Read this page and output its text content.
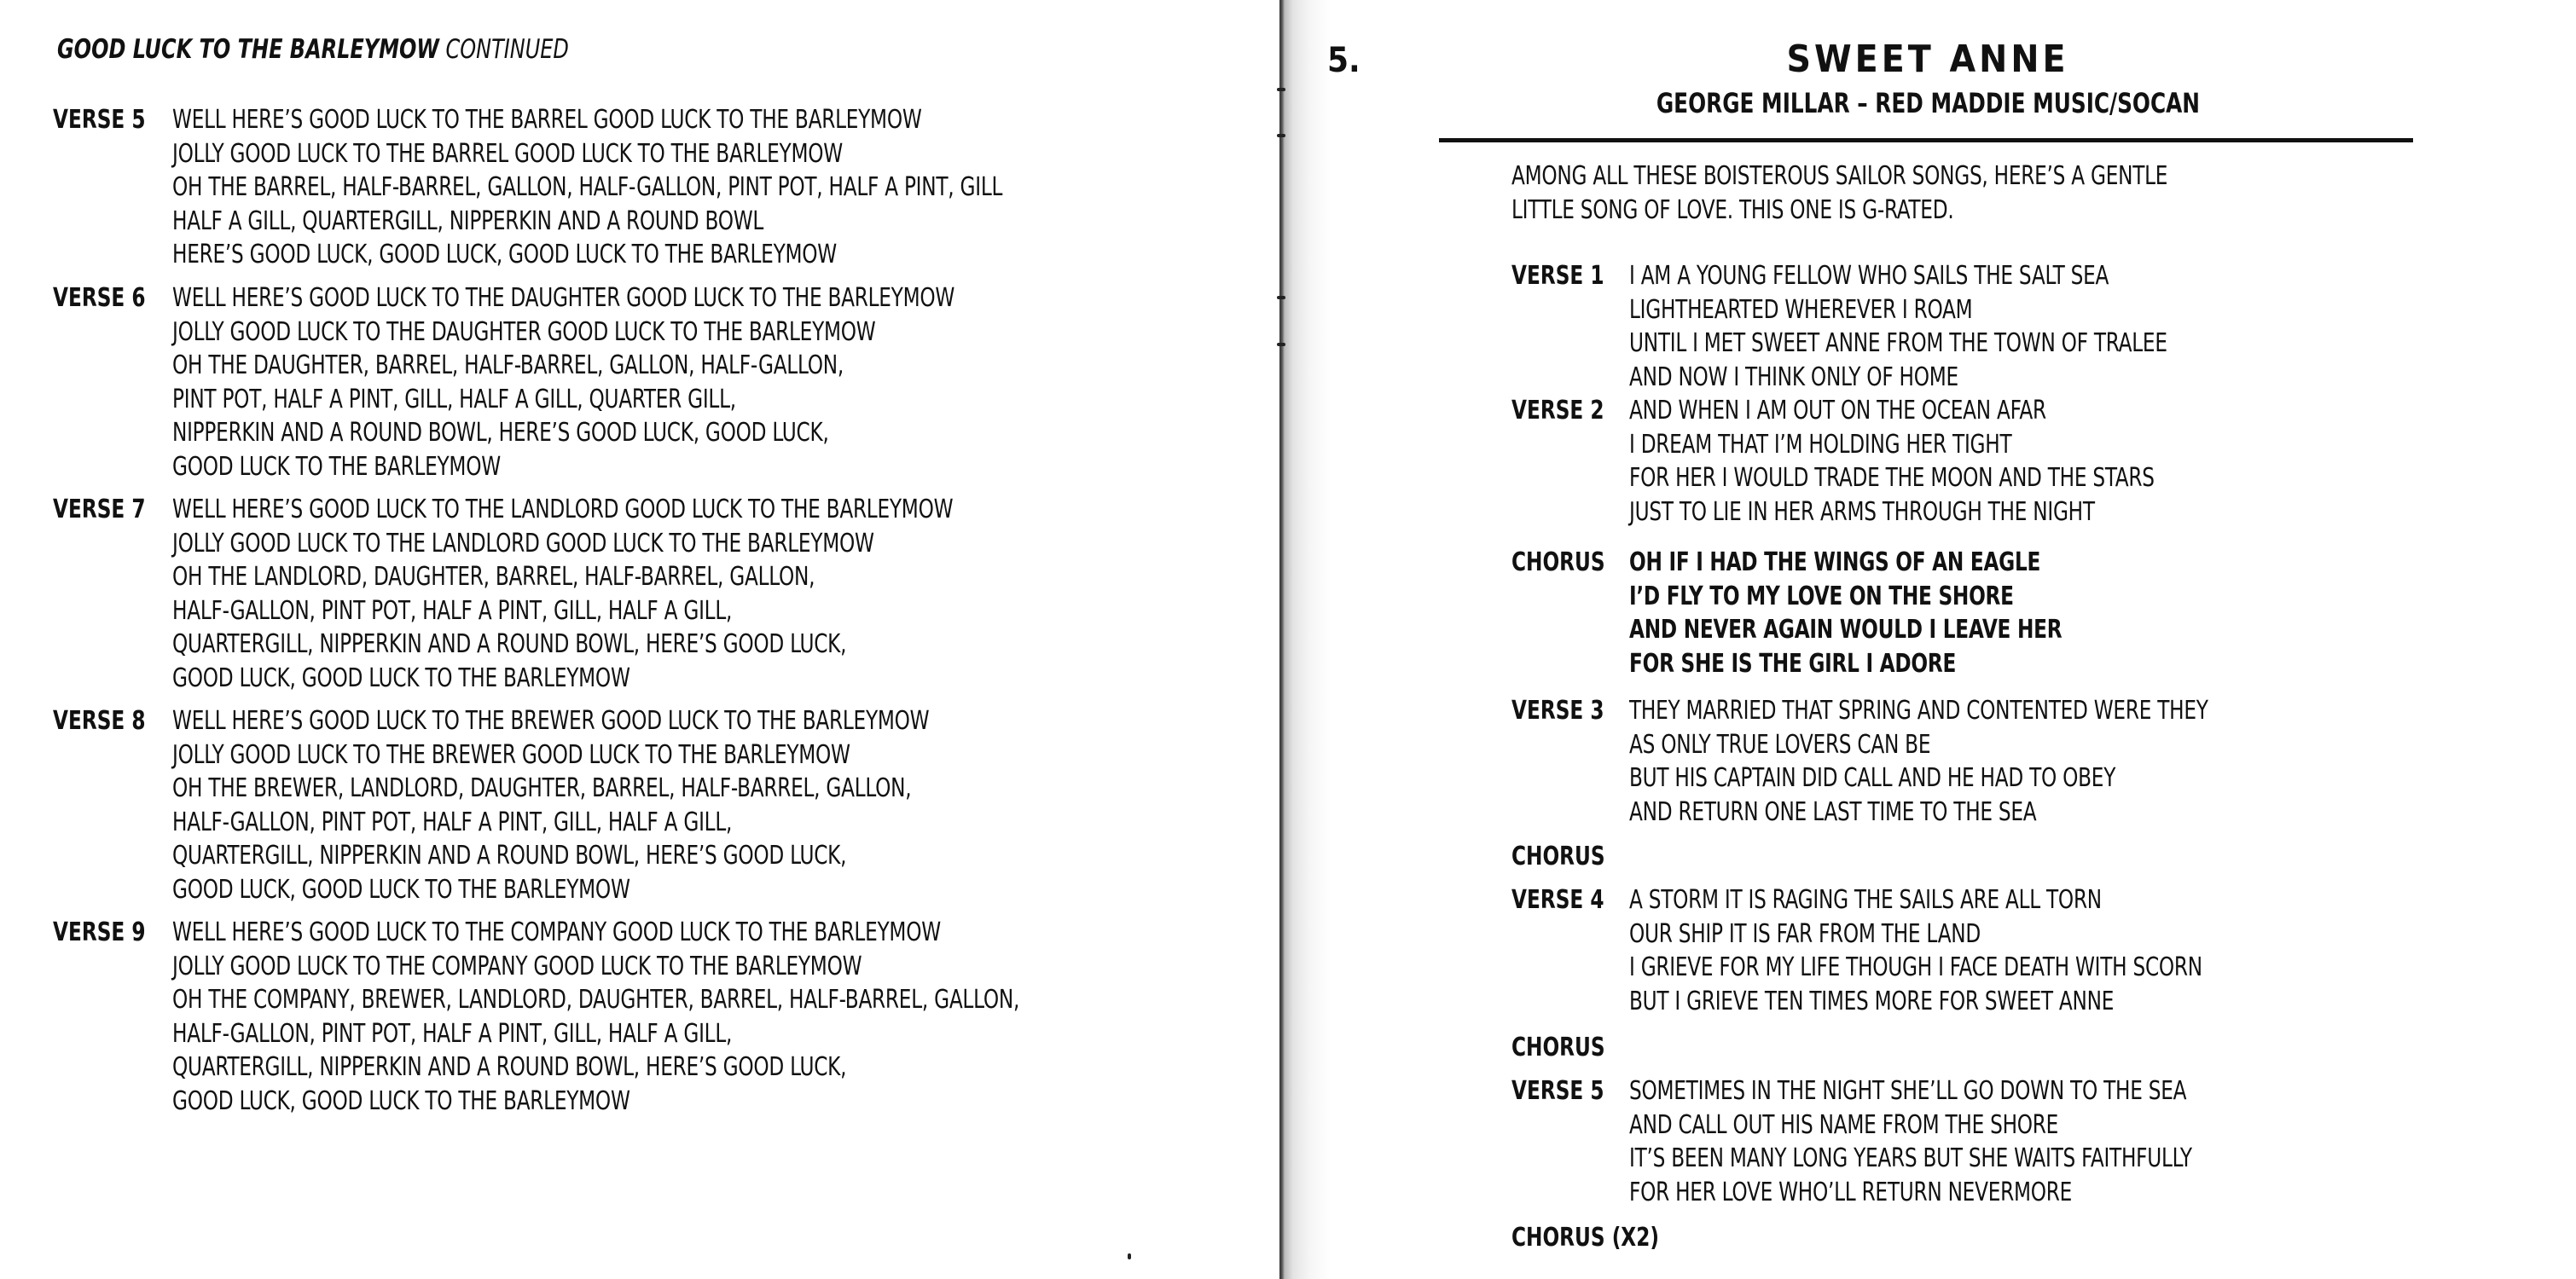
GOOD LUCK TO THE BARLEYMOW CONTINUED
VERSE 5 WELL HERE’S GOOD LUCK TO THE BARREL GOOD LUCK TO THE BARLEYMOW
JOLLY GOOD LUCK TO THE BARREL GOOD LUCK TO THE BARLEYMOW
OH THE BARREL, HALF-BARREL, GALLON, HALF-GALLON, PINT POT, HALF A PINT, GILL
HALF A GILL, QUARTERGILL, NIPPERKIN AND A ROUND BOWL
HERE’S GOOD LUCK, GOOD LUCK, GOOD LUCK TO THE BARLEYMOW
VERSE 6 WELL HERE’S GOOD LUCK TO THE DAUGHTER GOOD LUCK TO THE BARLEYMOW
JOLLY GOOD LUCK TO THE DAUGHTER GOOD LUCK TO THE BARLEYMOW
OH THE DAUGHTER, BARREL, HALF-BARREL, GALLON, HALF-GALLON,
PINT POT, HALF A PINT, GILL, HALF A GILL, QUARTER GILL,
NIPPERKIN AND A ROUND BOWL, HERE’S GOOD LUCK, GOOD LUCK,
GOOD LUCK TO THE BARLEYMOW
VERSE 7 WELL HERE’S GOOD LUCK TO THE LANDLORD GOOD LUCK TO THE BARLEYMOW
JOLLY GOOD LUCK TO THE LANDLORD GOOD LUCK TO THE BARLEYMOW
OH THE LANDLORD, DAUGHTER, BARREL, HALF-BARREL, GALLON,
HALF-GALLON, PINT POT, HALF A PINT, GILL, HALF A GILL,
QUARTERGILL, NIPPERKIN AND A ROUND BOWL, HERE’S GOOD LUCK,
GOOD LUCK, GOOD LUCK TO THE BARLEYMOW
VERSE 8 WELL HERE’S GOOD LUCK TO THE BREWER GOOD LUCK TO THE BARLEYMOW
JOLLY GOOD LUCK TO THE BREWER GOOD LUCK TO THE BARLEYMOW
OH THE BREWER, LANDLORD, DAUGHTER, BARREL, HALF-BARREL, GALLON,
HALF-GALLON, PINT POT, HALF A PINT, GILL, HALF A GILL,
QUARTERGILL, NIPPERKIN AND A ROUND BOWL, HERE’S GOOD LUCK,
GOOD LUCK, GOOD LUCK TO THE BARLEYMOW
VERSE 9 WELL HERE’S GOOD LUCK TO THE COMPANY GOOD LUCK TO THE BARLEYMOW
JOLLY GOOD LUCK TO THE COMPANY GOOD LUCK TO THE BARLEYMOW
OH THE COMPANY, BREWER, LANDLORD, DAUGHTER, BARREL, HALF-BARREL, GALLON,
HALF-GALLON, PINT POT, HALF A PINT, GILL, HALF A GILL,
QUARTERGILL, NIPPERKIN AND A ROUND BOWL, HERE’S GOOD LUCK,
GOOD LUCK, GOOD LUCK TO THE BARLEYMOW
5.	SWEET ANNE
GEORGE MILLAR – RED MADDIE MUSIC/SOCAN
AMONG ALL THESE BOISTEROUS SAILOR SONGS, HERE’S A GENTLE
LITTLE SONG OF LOVE. THIS ONE IS G-RATED.
VERSE 1 I AM A YOUNG FELLOW WHO SAILS THE SALT SEA
LIGHTHEARTED WHEREVER I ROAM
UNTIL I MET SWEET ANNE FROM THE TOWN OF TRALEE
AND NOW I THINK ONLY OF HOME
VERSE 2 AND WHEN I AM OUT ON THE OCEAN AFAR
I DREAM THAT I’M HOLDING HER TIGHT
FOR HER I WOULD TRADE THE MOON AND THE STARS
JUST TO LIE IN HER ARMS THROUGH THE NIGHT
CHORUS OH IF I HAD THE WINGS OF AN EAGLE
I’D FLY TO MY LOVE ON THE SHORE
AND NEVER AGAIN WOULD I LEAVE HER
FOR SHE IS THE GIRL I ADORE
VERSE 3 THEY MARRIED THAT SPRING AND CONTENTED WERE THEY
AS ONLY TRUE LOVERS CAN BE
BUT HIS CAPTAIN DID CALL AND HE HAD TO OBEY
AND RETURN ONE LAST TIME TO THE SEA
CHORUS
VERSE 4 A STORM IT IS RAGING THE SAILS ARE ALL TORN
OUR SHIP IT IS FAR FROM THE LAND
I GRIEVE FOR MY LIFE THOUGH I FACE DEATH WITH SCORN
BUT I GRIEVE TEN TIMES MORE FOR SWEET ANNE
CHORUS
VERSE 5 SOMETIMES IN THE NIGHT SHE’LL GO DOWN TO THE SEA
AND CALL OUT HIS NAME FROM THE SHORE
IT’S BEEN MANY LONG YEARS BUT SHE WAITS FAITHFULLY
FOR HER LOVE WHO’LL RETURN NEVERMORE
CHORUS (X2)
